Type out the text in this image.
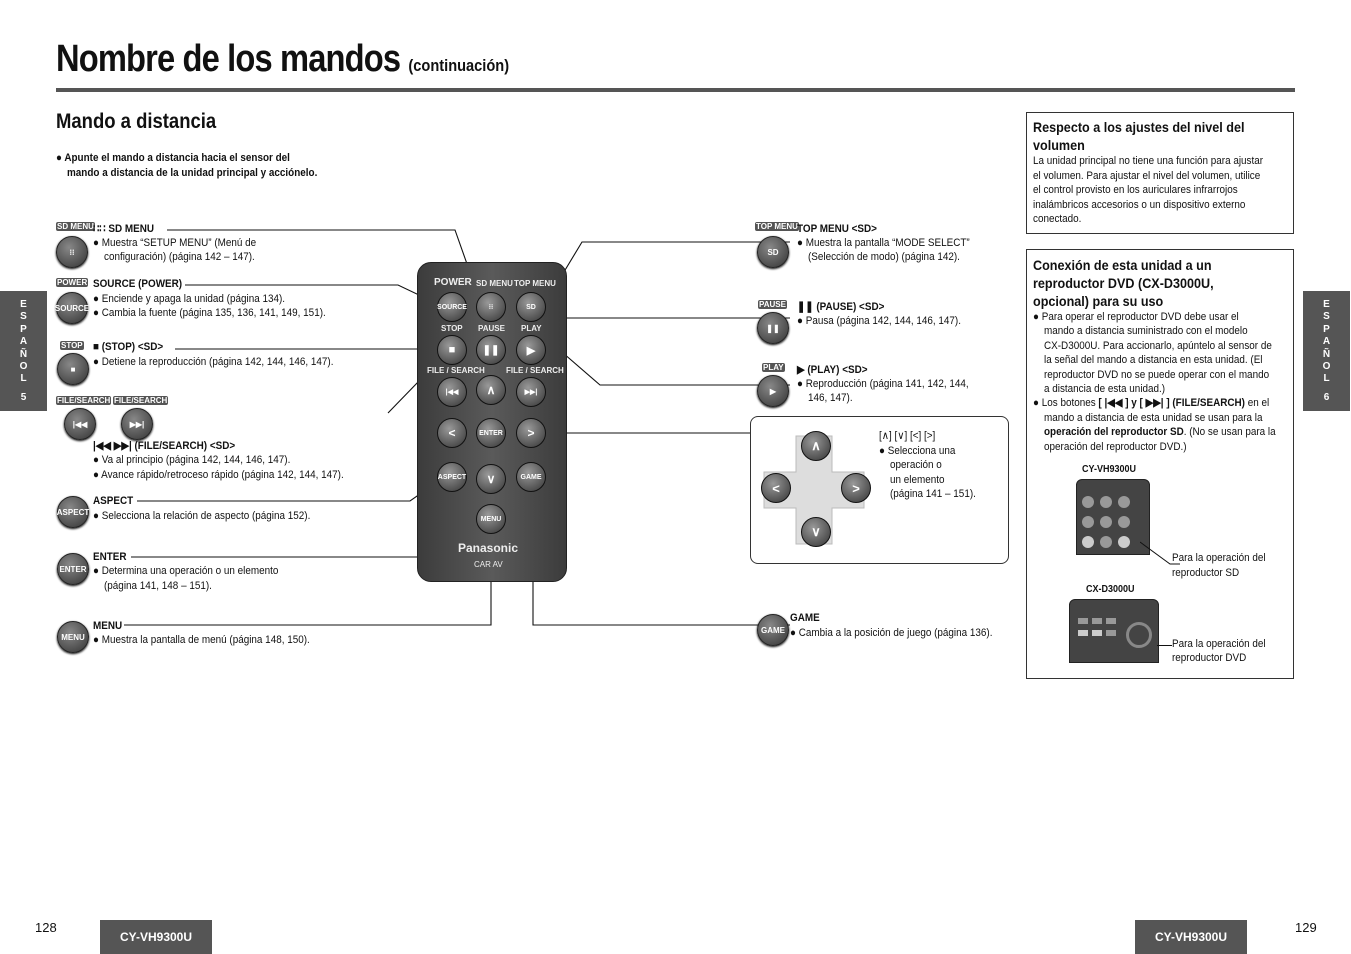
Nombre de los mandos (continuación)
Mando a distancia
● Apunte el mando a distancia hacia el sensor del
mando a distancia de la unidad principal y acciónelo.
E
S
P
A
Ñ
O
L
5
E
S
P
A
Ñ
O
L
6
SD MENU
⁝⁝
∷∷ SD MENU
● Muestra “SETUP MENU” (Menú de
configuración) (página 142 – 147).
POWER
SOURCE
SOURCE (POWER)
● Enciende y apaga la unidad (página 134).
● Cambia la fuente (página 135, 136, 141, 149, 151).
STOP
■
■ (STOP) <SD>
● Detiene la reproducción (página 142, 144, 146, 147).
FILE/SEARCH FILE/SEARCH
|◀◀	▶▶|
|◀◀ ▶▶| (FILE/SEARCH) <SD>
● Va al principio (página 142, 144, 146, 147).
● Avance rápido/retroceso rápido (página 142, 144, 147).
ASPECT
ASPECT
● Selecciona la relación de aspecto (página 152).
ENTER
ENTER
● Determina una operación o un elemento
(página 141, 148 – 151).
MENU
MENU
● Muestra la pantalla de menú (página 148, 150).
POWER SD MENU TOP MENU
SOURCE	⁝⁝	SD
STOP PAUSE PLAY
■	❚❚	▶
FILE / SEARCH	FILE / SEARCH
|◀◀	∧	▶▶|
<	ENTER	>
ASPECT	∨	GAME
MENU
Panasonic
CAR AV
TOP MENU
SD
TOP MENU <SD>
● Muestra la pantalla “MODE SELECT”
(Selección de modo) (página 142).
PAUSE
❚❚
❚❚ (PAUSE) <SD>
● Pausa (página 142, 144, 146, 147).
PLAY
▶
▶ (PLAY) <SD>
● Reproducción (página 141, 142, 144,
146, 147).
∧
<	>
∨
[∧] [∨] [<] [>]
● Selecciona una
operación o
un elemento
(página 141 – 151).
GAME
GAME
● Cambia a la posición de juego (página 136).
Respecto a los ajustes del nivel del
volumen
La unidad principal no tiene una función para ajustar
el volumen. Para ajustar el nivel del volumen, utilice
el control provisto en los auriculares infrarrojos
inalámbricos accesorios o un dispositivo externo
conectado.
Conexión de esta unidad a un
reproductor DVD (CX-D3000U,
opcional) para su uso
● Para operar el reproductor DVD debe usar el
mando a distancia suministrado con el modelo
CX-D3000U. Para accionarlo, apúntelo al sensor de
la señal del mando a distancia en esta unidad. (El
reproductor DVD no se puede operar con el mando
a distancia de esta unidad.)
● Los botones [ |◀◀ ] y [ ▶▶| ] (FILE/SEARCH) en el
mando a distancia de esta unidad se usan para la
operación del reproductor SD. (No se usan para la
operación del reproductor DVD.)
CY-VH9300U
Para la operación del
reproductor SD
CX-D3000U
Para la operación del
reproductor DVD
128
CY-VH9300U	CY-VH9300U
129
